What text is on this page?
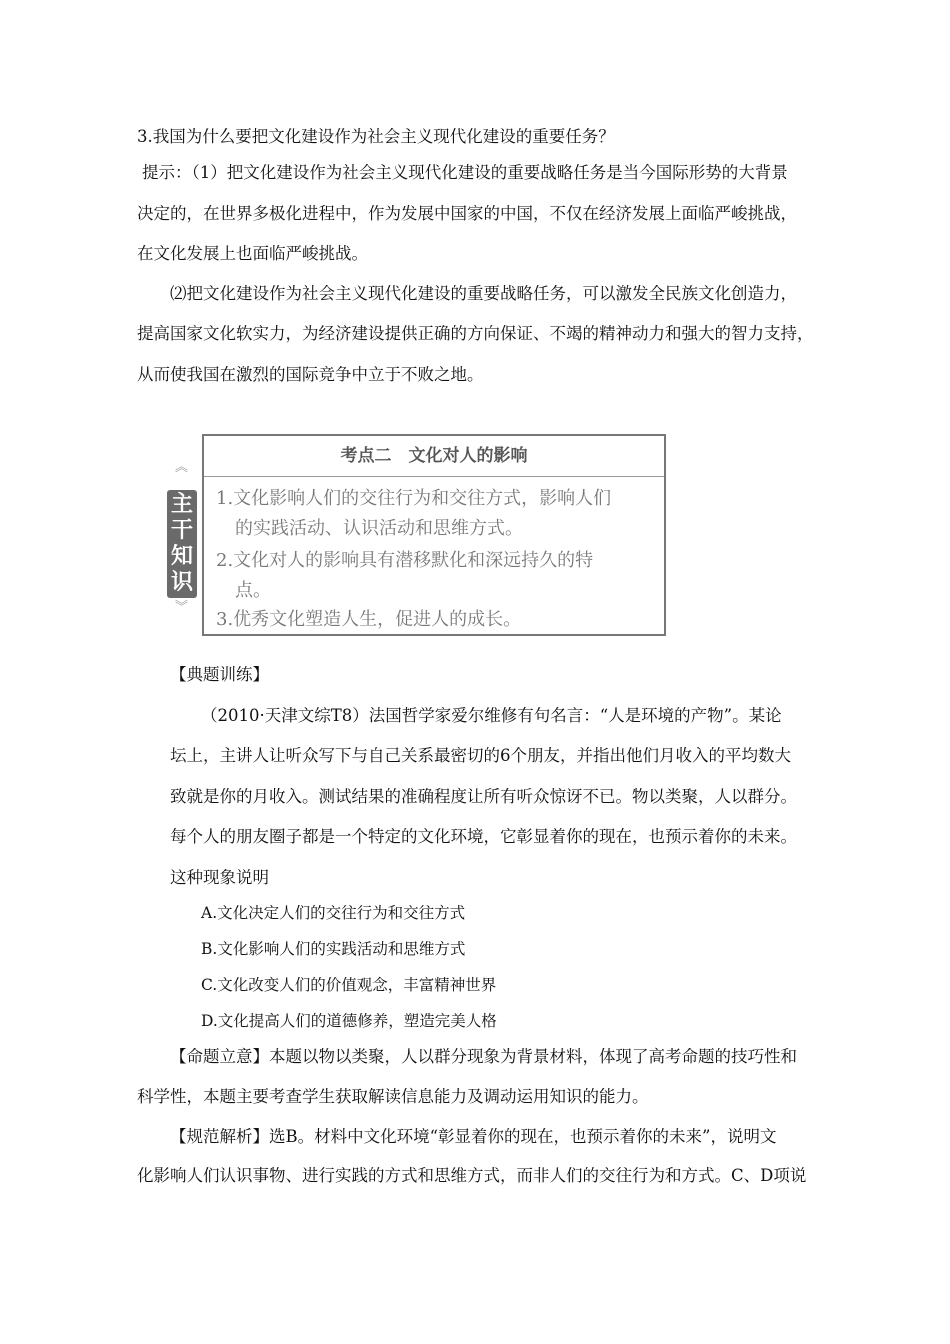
3.我国为什么要把文化建设作为社会主义现代化建设的重要任务？
提示：（1）把文化建设作为社会主义现代化建设的重要战略任务是当今国际形势的大背景
决定的，在世界多极化进程中，作为发展中国家的中国，不仅在经济发展上面临严峻挑战，
在文化发展上也面临严峻挑战。
⑵把文化建设作为社会主义现代化建设的重要战略任务，可以激发全民族文化创造力，
提高国家文化软实力，为经济建设提供正确的方向保证、不竭的精神动力和强大的智力支持，
从而使我国在激烈的国际竞争中立于不败之地。
︽
主
干
知
识
︾
考点二　文化对人的影响
1.文化影响人们的交往行为和交往方式，影响人们
的实践活动、认识活动和思维方式。
2.文化对人的影响具有潜移默化和深远持久的特
点。
3.优秀文化塑造人生，促进人的成长。
【典题训练】
（2010·天津文综T8）法国哲学家爱尔维修有句名言：“人是环境的产物”。某论
坛上，主讲人让听众写下与自己关系最密切的6个朋友，并指出他们月收入的平均数大
致就是你的月收入。测试结果的准确程度让所有听众惊讶不已。物以类聚，人以群分。
每个人的朋友圈子都是一个特定的文化环境，它彰显着你的现在，也预示着你的未来。
这种现象说明
A.文化决定人们的交往行为和交往方式
B.文化影响人们的实践活动和思维方式
C.文化改变人们的价值观念，丰富精神世界
D.文化提高人们的道德修养，塑造完美人格
【命题立意】本题以物以类聚，人以群分现象为背景材料，体现了高考命题的技巧性和
科学性，本题主要考查学生获取解读信息能力及调动运用知识的能力。
【规范解析】选B。材料中文化环境“彰显着你的现在，也预示着你的未来”，说明文
化影响人们认识事物、进行实践的方式和思维方式，而非人们的交往行为和方式。C、D项说
